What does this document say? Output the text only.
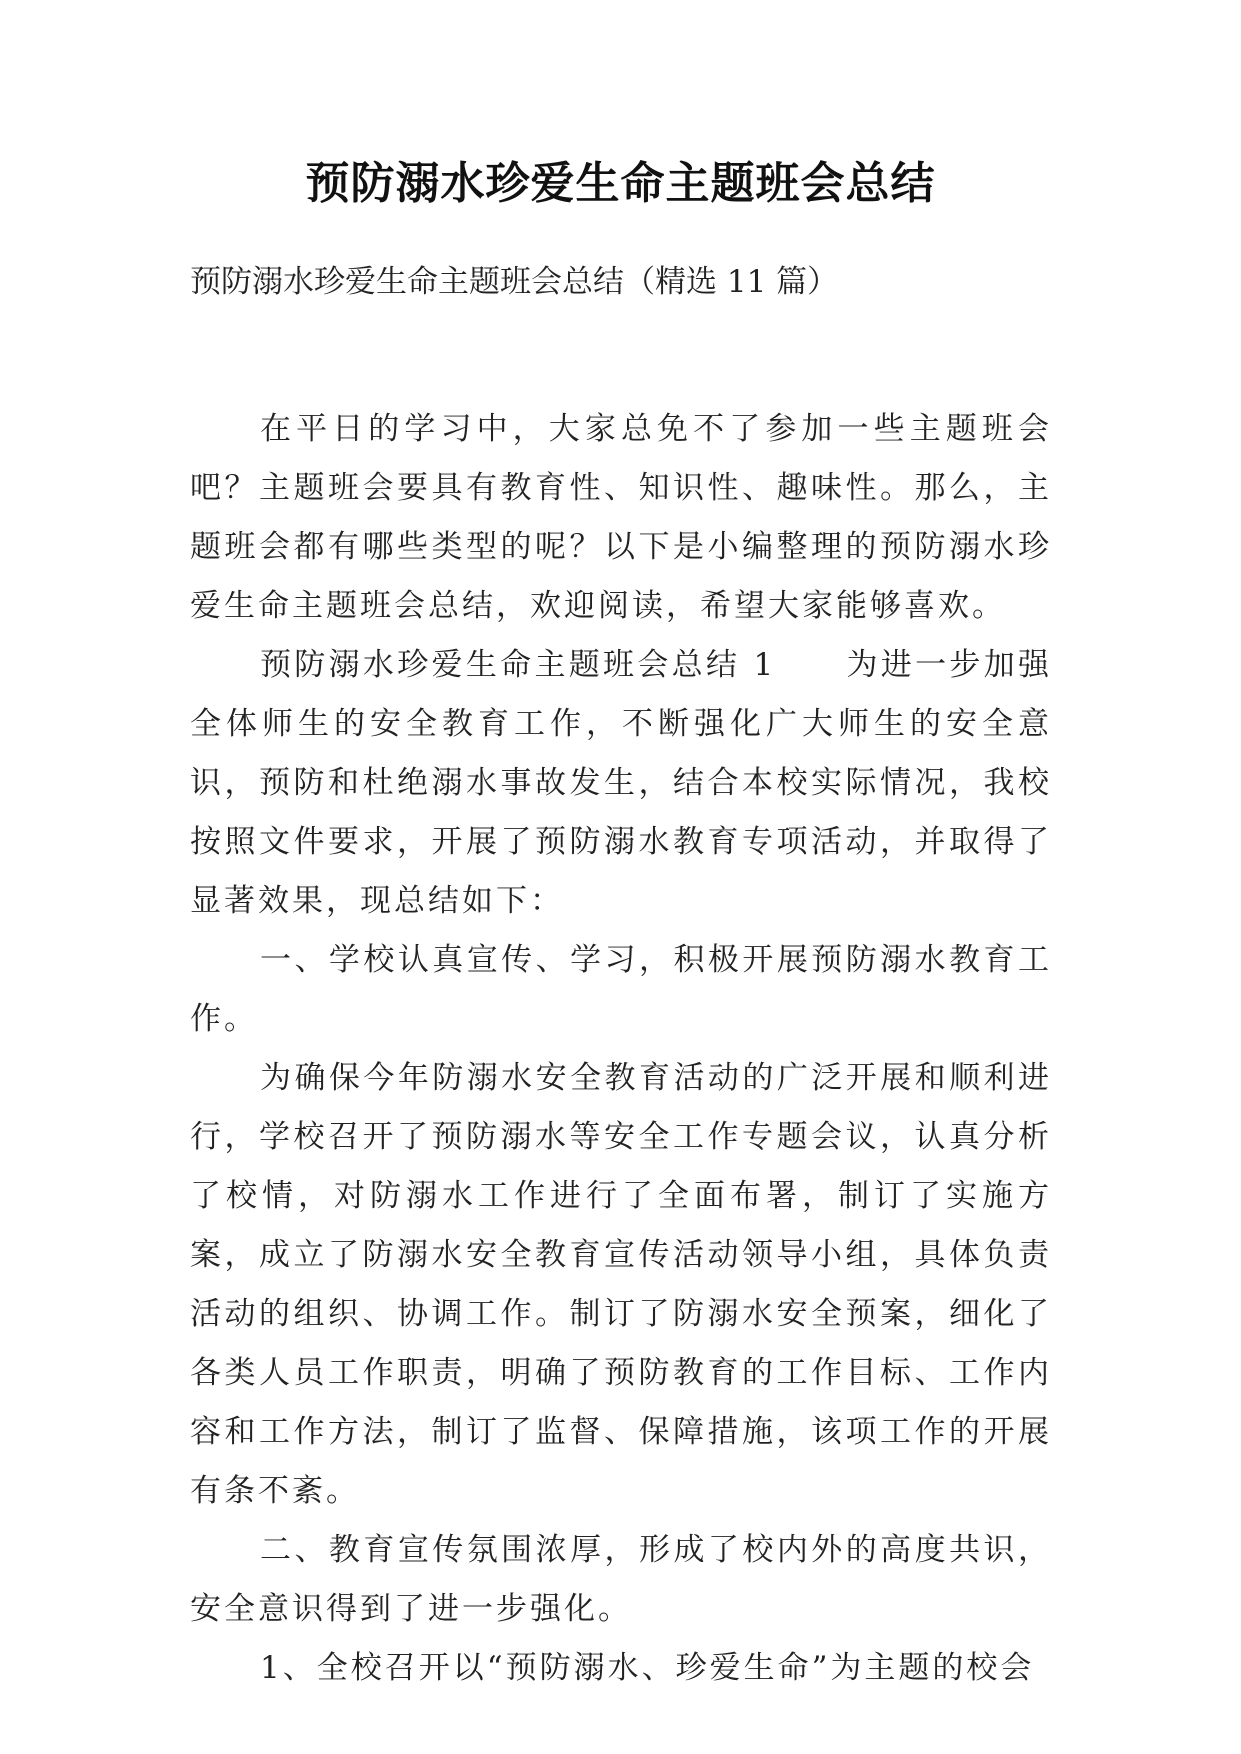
预防溺水珍爱生命主题班会总结

预防溺水珍爱生命主题班会总结（精选 11 篇）

在平日的学习中，大家总免不了参加一些主题班会吧？主题班会要具有教育性、知识性、趣味性。那么，主题班会都有哪些类型的呢？以下是小编整理的预防溺水珍爱生命主题班会总结，欢迎阅读，希望大家能够喜欢。

预防溺水珍爱生命主题班会总结 1 为进一步加强全体师生的安全教育工作，不断强化广大师生的安全意识，预防和杜绝溺水事故发生，结合本校实际情况，我校按照文件要求，开展了预防溺水教育专项活动，并取得了显著效果，现总结如下：

一、学校认真宣传、学习，积极开展预防溺水教育工作。

为确保今年防溺水安全教育活动的广泛开展和顺利进行，学校召开了预防溺水等安全工作专题会议，认真分析了校情，对防溺水工作进行了全面布署，制订了实施方案，成立了防溺水安全教育宣传活动领导小组，具体负责活动的组织、协调工作。制订了防溺水安全预案，细化了各类人员工作职责，明确了预防教育的工作目标、工作内容和工作方法，制订了监督、保障措施，该项工作的开展有条不紊。

二、教育宣传氛围浓厚，形成了校内外的高度共识，安全意识得到了进一步强化。

1、全校召开以“预防溺水、珍爱生命”为主题的校会
